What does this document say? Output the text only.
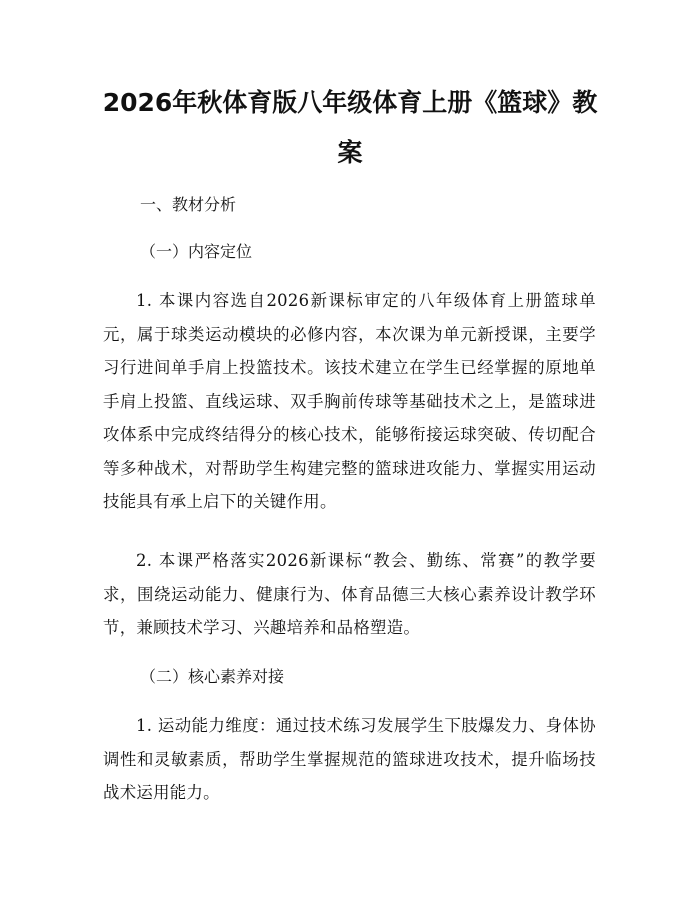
2026年秋体育版八年级体育上册《篮球》教案

一、教材分析

（一）内容定位

1. 本课内容选自2026新课标审定的八年级体育上册篮球单元，属于球类运动模块的必修内容，本次课为单元新授课，主要学习行进间单手肩上投篮技术。该技术建立在学生已经掌握的原地单手肩上投篮、直线运球、双手胸前传球等基础技术之上，是篮球进攻体系中完成终结得分的核心技术，能够衔接运球突破、传切配合等多种战术，对帮助学生构建完整的篮球进攻能力、掌握实用运动技能具有承上启下的关键作用。

2. 本课严格落实2026新课标“教会、勤练、常赛”的教学要求，围绕运动能力、健康行为、体育品德三大核心素养设计教学环节，兼顾技术学习、兴趣培养和品格塑造。

（二）核心素养对接

1. 运动能力维度：通过技术练习发展学生下肢爆发力、身体协调性和灵敏素质，帮助学生掌握规范的篮球进攻技术，提升临场技战术运用能力。
